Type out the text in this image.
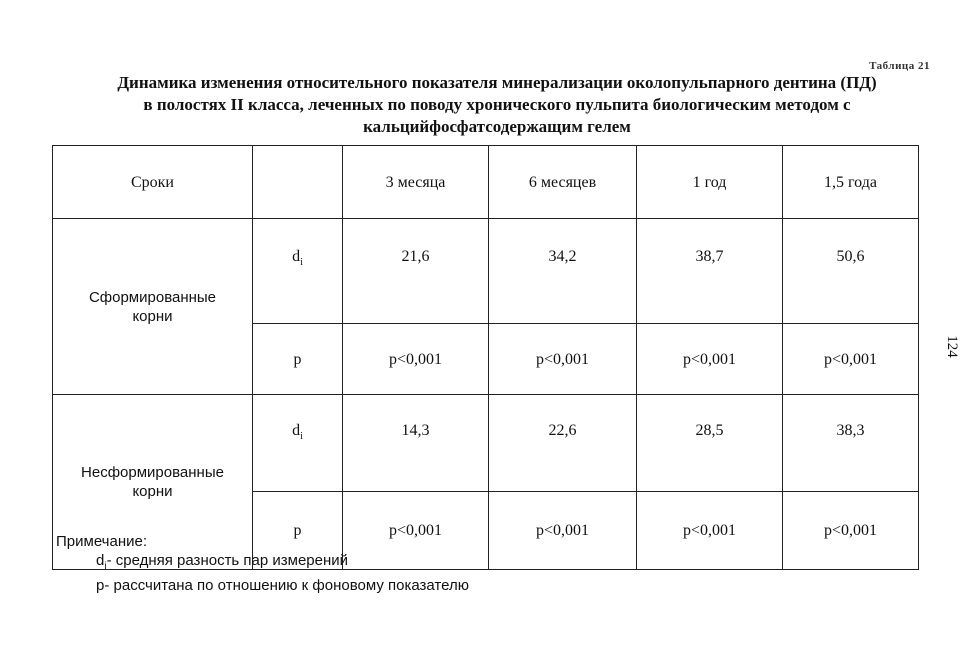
Таблица 21
Динамика изменения относительного показателя минерализации околопульпарного дентина (ПД)
в полостях II класса, леченных по поводу хронического пульпита биологическим методом с
кальцийфосфатсодержащим гелем
Сроки		3 месяца	6 месяцев	1 год	1,5 года

Сформированные
корни	$d_i$	21,6	34,2	38,7	50,6
	p	p<0,001	p<0,001	p<0,001	p<0,001

Несформированные
корни	$d_i$	14,3	22,6	28,5	38,3
	p	p<0,001	p<0,001	p<0,001	p<0,001
124
Примечание:
$d_i-$ средняя разность пар измерений
p- рассчитана по отношению к фоновому показателю
